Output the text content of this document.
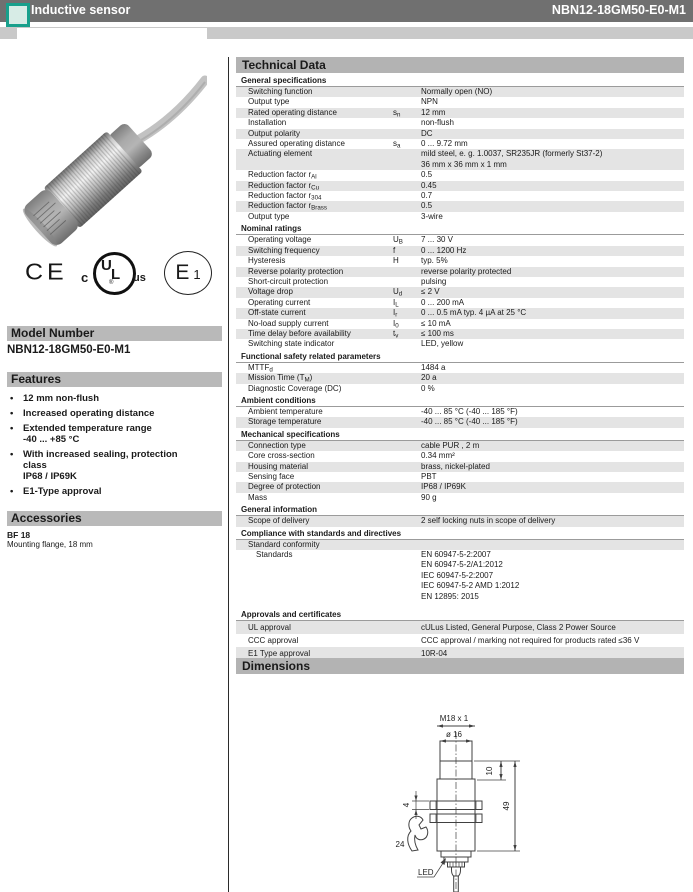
Inductive sensor	NBN12-18GM50-E0-M1
CE c
U
L
® us E 1
Model Number
NBN12-18GM50-E0-M1
Features
•	12 mm non-flush
•	Increased operating distance
•	Extended temperature range
-40 ... +85 °C
•	With increased sealing, protection
class
IP68 / IP69K
•	E1-Type approval
Accessories
BF 18
Mounting flange, 18 mm
Technical Data
General specifications
Switching function	Normally open (NO)
Output type	NPN
Rated operating distance	$s_n$	12 mm
Installation	non-flush
Output polarity	DC
Assured operating distance	$s_a$	0 ... 9.72 mm
Actuating element	mild steel, e. g. 1.0037, SR235JR (formerly St37-2)
36 mm x 36 mm x 1 mm
Reduction factor $r_{Al}$	0.5
Reduction factor $r_{Cu}$	0.45
Reduction factor $r_{304}$	0.7
Reduction factor $r_{Brass}$	0.5
Output type	3-wire
Nominal ratings
Operating voltage	$U_B$	7 ... 30 V
Switching frequency	f	0 ... 1200 Hz
Hysteresis	H	typ. 5%
Reverse polarity protection	reverse polarity protected
Short-circuit protection	pulsing
Voltage drop	$U_d$	≤ 2 V
Operating current	$I_L$	0 ... 200 mA
Off-state current	$I_r$	0 ... 0.5 mA typ. 4 µA at 25 °C
No-load supply current	$I_0$	≤ 10 mA
Time delay before availability	$t_v$	≤ 100 ms
Switching state indicator	LED, yellow
Functional safety related parameters
$MTTF_d$	1484 a
Mission Time $(T_M)$	20 a
Diagnostic Coverage (DC)	0 %
Ambient conditions
Ambient temperature	-40 ... 85 °C (-40 ... 185 °F)
Storage temperature	-40 ... 85 °C (-40 ... 185 °F)
Mechanical specifications
Connection type	cable PUR , 2 m
Core cross-section	0.34 mm²
Housing material	brass, nickel-plated
Sensing face	PBT
Degree of protection	IP68 / IP69K
Mass	90 g
General information
Scope of delivery	2 self locking nuts in scope of delivery
Compliance with standards and directives
Standard conformity
Standards	EN 60947-5-2:2007
EN 60947-5-2/A1:2012
IEC 60947-5-2:2007
IEC 60947-5-2 AMD 1:2012
EN 12895: 2015
Approvals and certificates
UL approval	cULus Listed, General Purpose, Class 2 Power Source
CCC approval	CCC approval / marking not required for products rated ≤36 V
E1 Type approval	10R-04
Dimensions
M18 x 1
ø 16
10
49
4
24
LED
